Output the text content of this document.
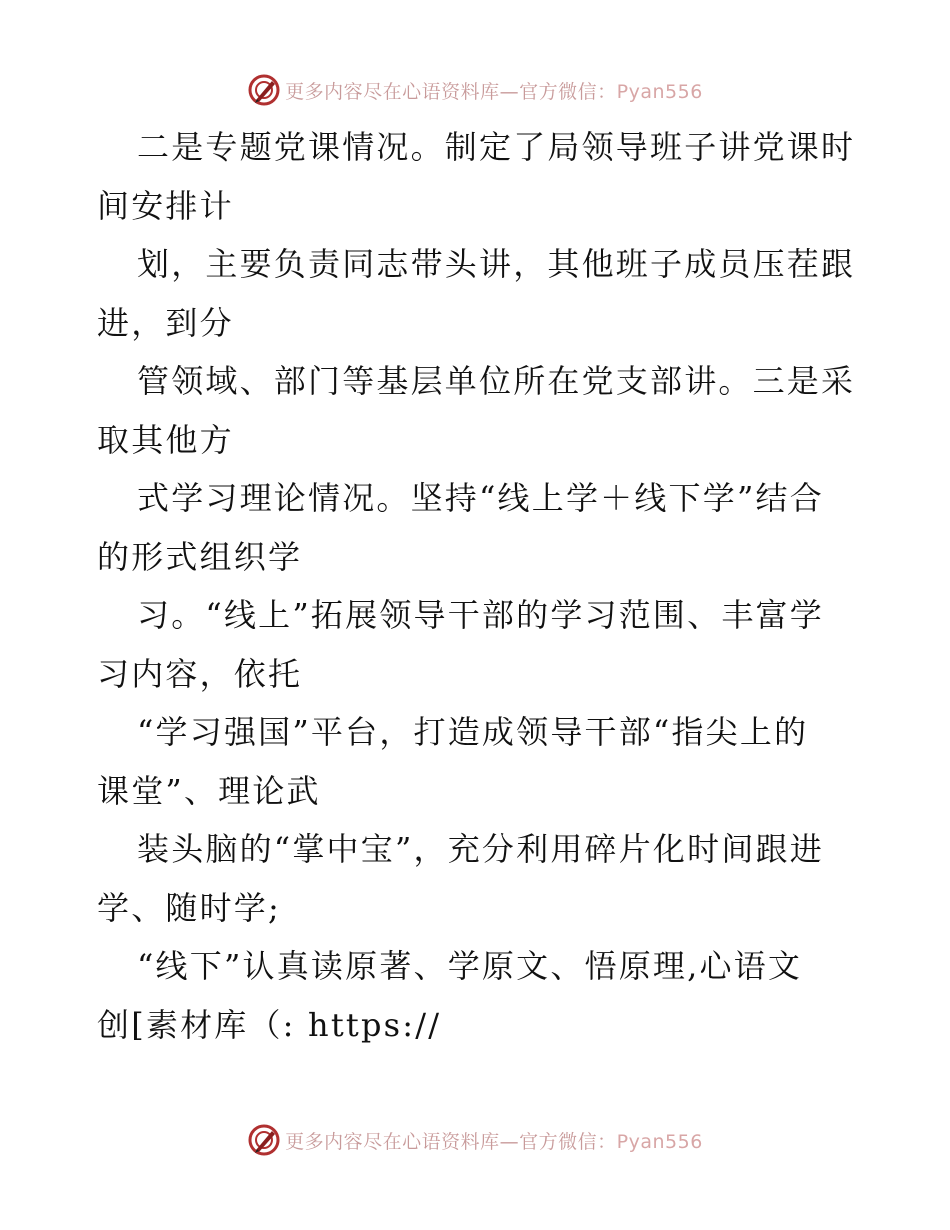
更多内容尽在心语资料库—官方微信：Pyan556
二是专题党课情况。制定了局领导班子讲党课时
间安排计
划，主要负责同志带头讲，其他班子成员压茬跟
进，到分
管领域、部门等基层单位所在党支部讲。三是采
取其他方
式学习理论情况。坚持“线上学＋线下学”结合
的形式组织学
习。“线上”拓展领导干部的学习范围、丰富学
习内容，依托
“学习强国”平台，打造成领导干部“指尖上的
课堂”、理论武
装头脑的“掌中宝”，充分利用碎片化时间跟进
学、随时学;
“线下”认真读原著、学原文、悟原理,心语文
创[素材库（: https://
更多内容尽在心语资料库—官方微信：Pyan556
